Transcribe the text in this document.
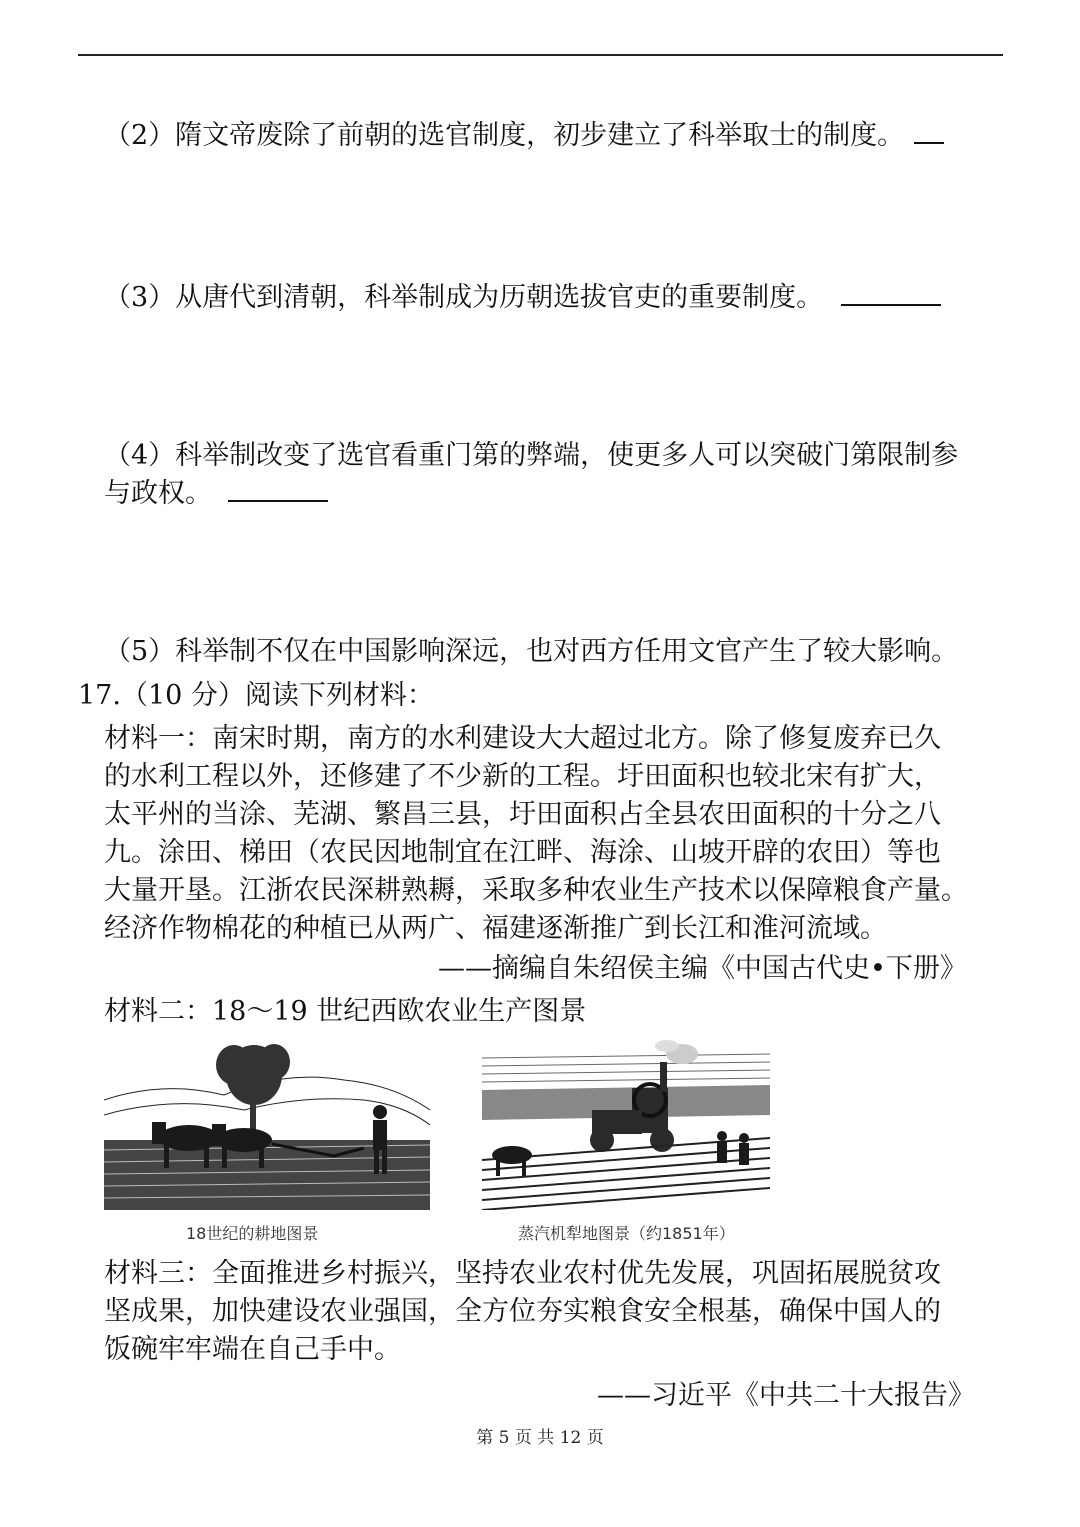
（2）隋文帝废除了前朝的选官制度，初步建立了科举取士的制度。
（3）从唐代到清朝，科举制成为历朝选拔官吏的重要制度。
（4）科举制改变了选官看重门第的弊端，使更多人可以突破门第限制参
与政权。
（5）科举制不仅在中国影响深远，也对西方任用文官产生了较大影响。
17.（10 分）阅读下列材料：
材料一：南宋时期，南方的水利建设大大超过北方。除了修复废弃已久
的水利工程以外，还修建了不少新的工程。圩田面积也较北宋有扩大，
太平州的当涂、芜湖、繁昌三县，圩田面积占全县农田面积的十分之八
九。涂田、梯田（农民因地制宜在江畔、海涂、山坡开辟的农田）等也
大量开垦。江浙农民深耕熟耨，采取多种农业生产技术以保障粮食产量。
经济作物棉花的种植已从两广、福建逐渐推广到长江和淮河流域。
——摘编自朱绍侯主编《中国古代史•下册》
材料二：18～19 世纪西欧农业生产图景
18世纪的耕地图景	蒸汽机犁地图景（约1851年）
材料三：全面推进乡村振兴，坚持农业农村优先发展，巩固拓展脱贫攻
坚成果，加快建设农业强国，全方位夯实粮食安全根基，确保中国人的
饭碗牢牢端在自己手中。
——习近平《中共二十大报告》
第 5 页 共 12 页
